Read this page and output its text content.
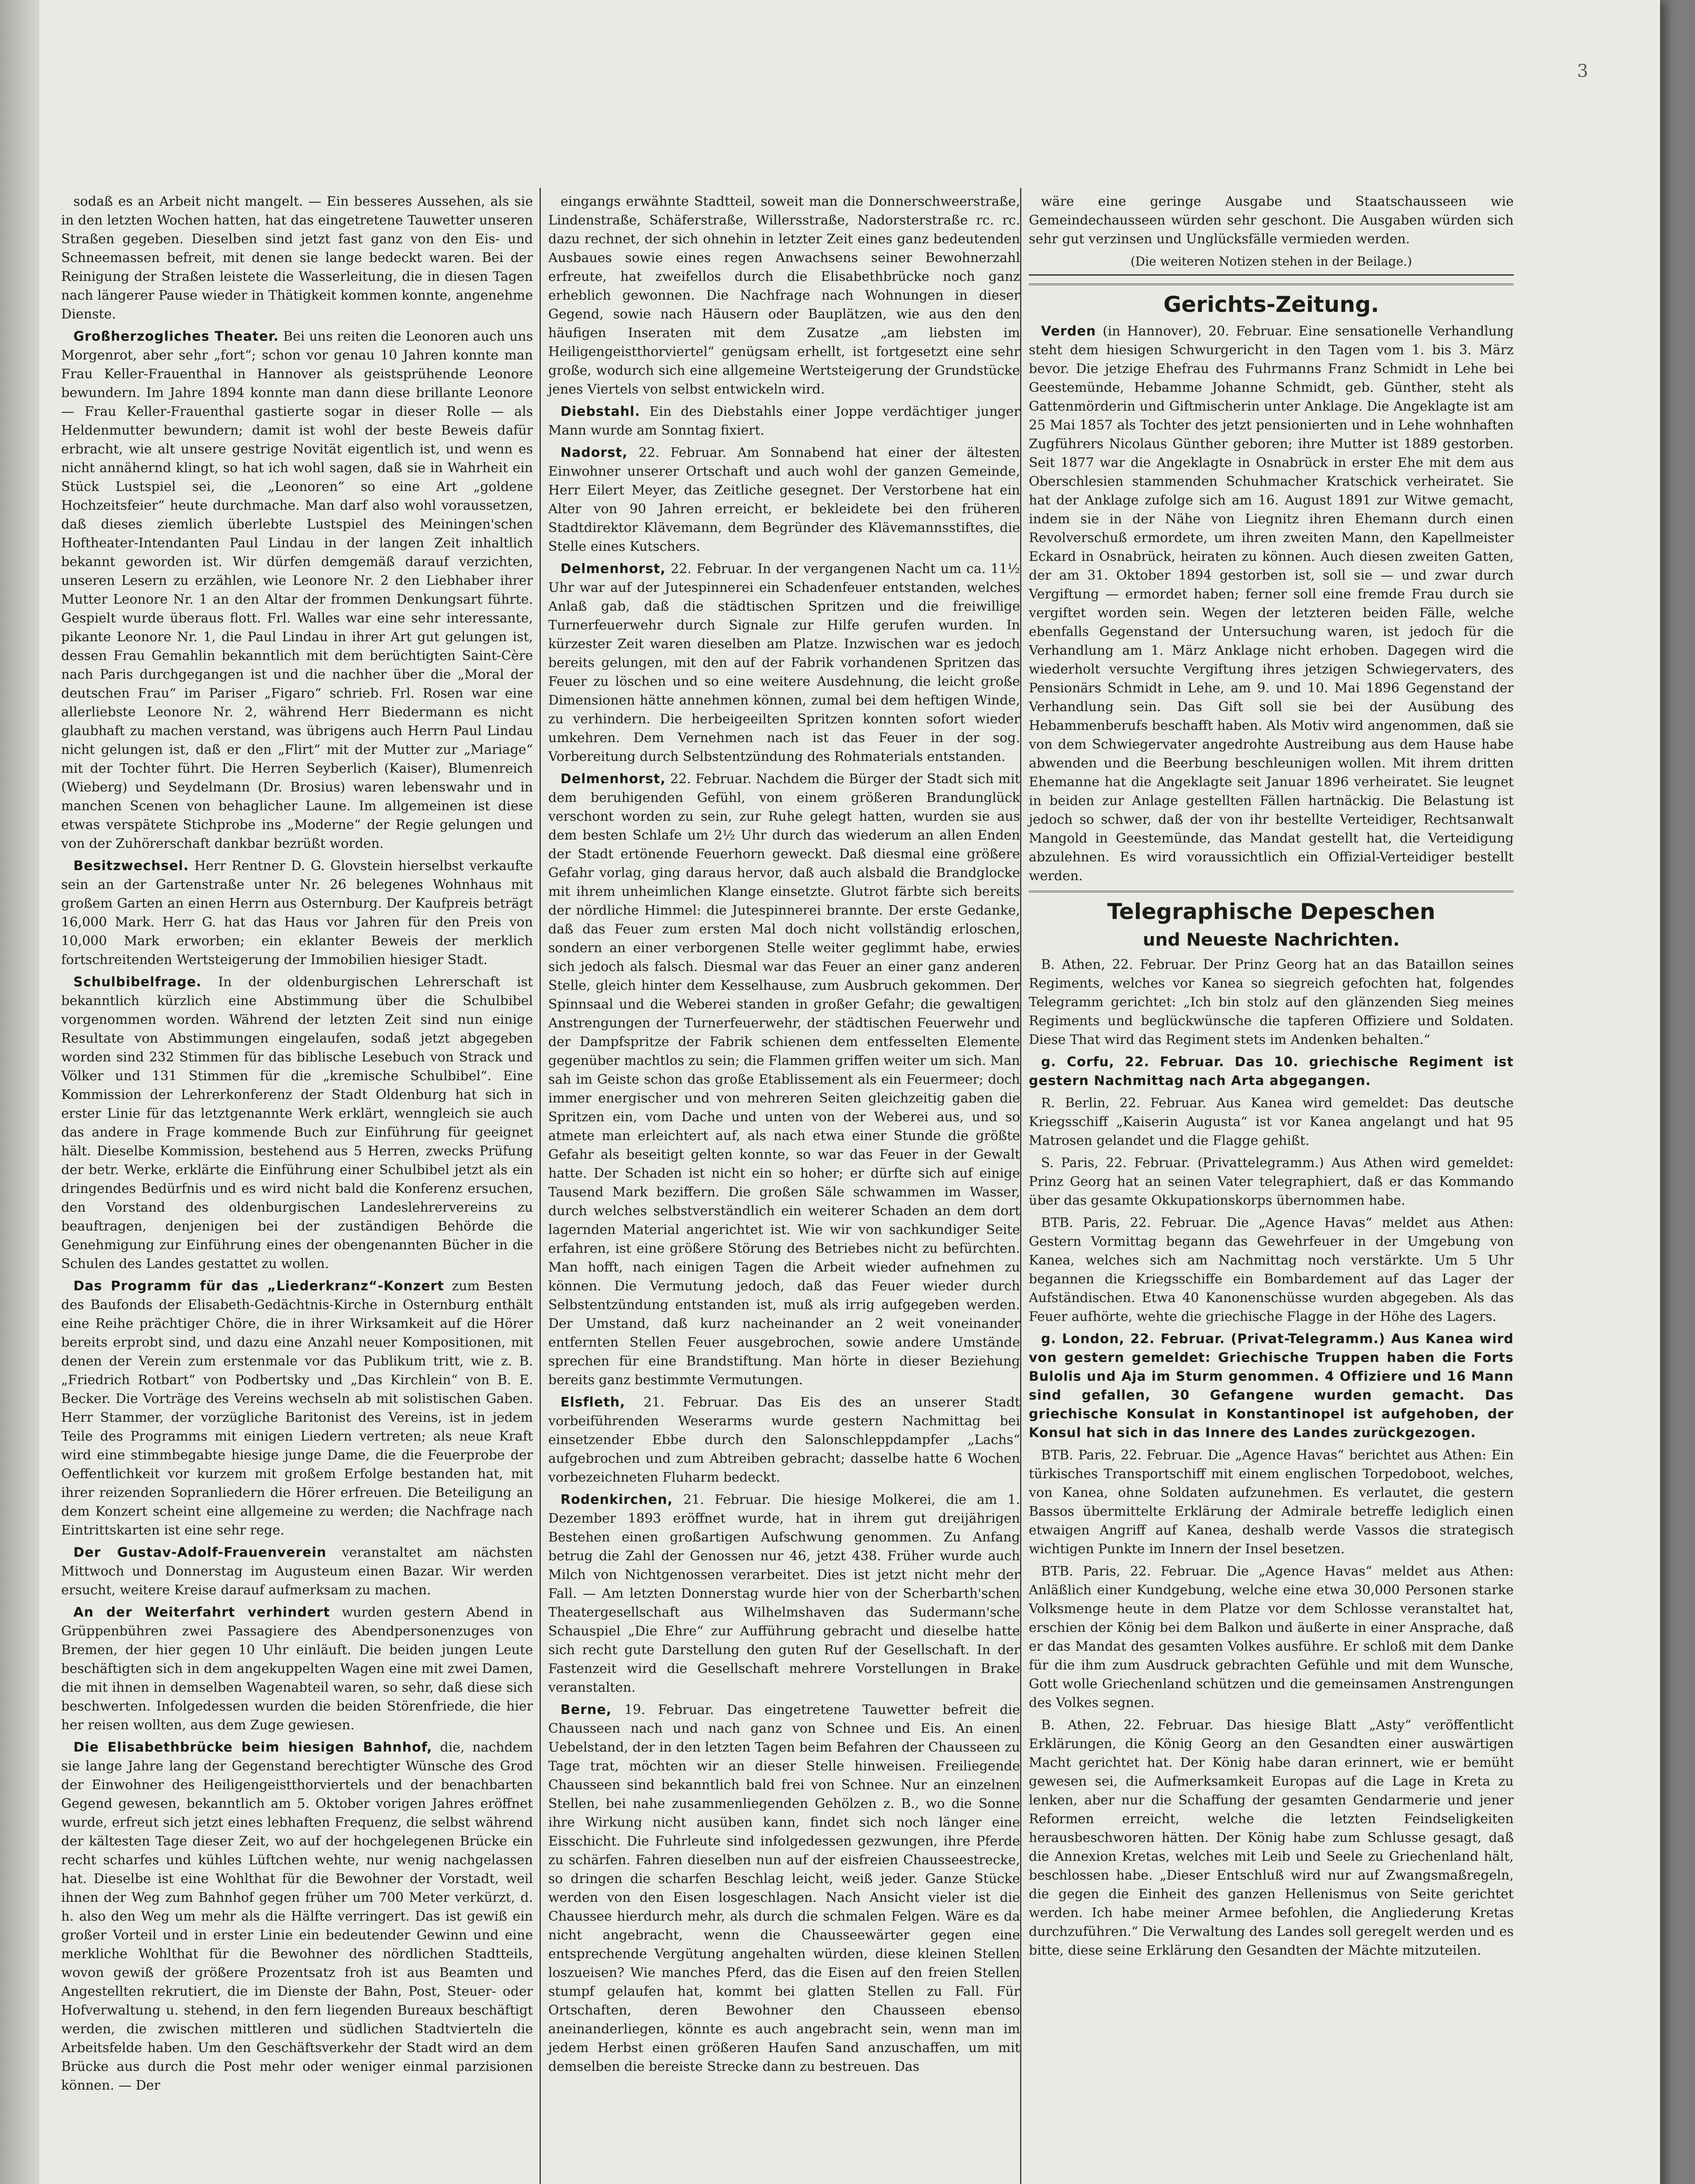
3

sodaß es an Arbeit nicht mangelt. — Ein besseres Aussehen, als sie in den letzten Wochen hatten, hat das eingetretene Tauwetter unseren Straßen gegeben. Dieselben sind jetzt fast ganz von den Eis- und Schneemassen befreit, mit denen sie lange bedeckt waren. Bei der Reinigung der Straßen leistete die Wasserleitung, die in diesen Tagen nach längerer Pause wieder in Thätigkeit kommen konnte, angenehme Dienste.

Großherzogliches Theater. Bei uns reiten die Leonoren auch uns Morgenrot, aber sehr „fort“; schon vor genau 10 Jahren konnte man Frau Keller-Frauenthal in Hannover als geistsprühende Leonore bewundern. Im Jahre 1894 konnte man dann diese brillante Leonore — Frau Keller-Frauenthal gastierte sogar in dieser Rolle — als Heldenmutter bewundern; damit ist wohl der beste Beweis dafür erbracht, wie alt unsere gestrige Novität eigentlich ist, und wenn es nicht annähernd klingt, so hat ich wohl sagen, daß sie in Wahrheit ein Stück Lustspiel sei, die „Leonoren“ so eine Art „goldene Hochzeitsfeier“ heute durchmache. Man darf also wohl voraussetzen, daß dieses ziemlich überlebte Lustspiel des Meiningen'schen Hoftheater-Intendanten Paul Lindau in der langen Zeit inhaltlich bekannt geworden ist. Wir dürfen demgemäß darauf verzichten, unseren Lesern zu erzählen, wie Leonore Nr. 2 den Liebhaber ihrer Mutter Leonore Nr. 1 an den Altar der frommen Denkungsart führte. Gespielt wurde überaus flott. Frl. Walles war eine sehr interessante, pikante Leonore Nr. 1, die Paul Lindau in ihrer Art gut gelungen ist, dessen Frau Gemahlin bekanntlich mit dem berüchtigten Saint-Cère nach Paris durchgegangen ist und die nachher über die „Moral der deutschen Frau“ im Pariser „Figaro“ schrieb. Frl. Rosen war eine allerliebste Leonore Nr. 2, während Herr Biedermann es nicht glaubhaft zu machen verstand, was übrigens auch Herrn Paul Lindau nicht gelungen ist, daß er den „Flirt“ mit der Mutter zur „Mariage“ mit der Tochter führt. Die Herren Seyberlich (Kaiser), Blumenreich (Wieberg) und Seydelmann (Dr. Brosius) waren lebenswahr und in manchen Scenen von behaglicher Laune. Im allgemeinen ist diese etwas verspätete Stichprobe ins „Moderne“ der Regie gelungen und von der Zuhörerschaft dankbar bezrüßt worden.

Besitzwechsel. Herr Rentner D. G. Glovstein hierselbst verkaufte sein an der Gartenstraße unter Nr. 26 belegenes Wohnhaus mit großem Garten an einen Herrn aus Osternburg. Der Kaufpreis beträgt 16,000 Mark. Herr G. hat das Haus vor Jahren für den Preis von 10,000 Mark erworben; ein eklanter Beweis der merklich fortschreitenden Wertsteigerung der Immobilien hiesiger Stadt.

Schulbibelfrage. In der oldenburgischen Lehrerschaft ist bekanntlich kürzlich eine Abstimmung über die Schulbibel vorgenommen worden. Während der letzten Zeit sind nun einige Resultate von Abstimmungen eingelaufen, sodaß jetzt abgegeben worden sind 232 Stimmen für das biblische Lesebuch von Strack und Völker und 131 Stimmen für die „kremische Schulbibel“. Eine Kommission der Lehrerkonferenz der Stadt Oldenburg hat sich in erster Linie für das letztgenannte Werk erklärt, wenngleich sie auch das andere in Frage kommende Buch zur Einführung für geeignet hält. Dieselbe Kommission, bestehend aus 5 Herren, zwecks Prüfung der betr. Werke, erklärte die Einführung einer Schulbibel jetzt als ein dringendes Bedürfnis und es wird nicht bald die Konferenz ersuchen, den Vorstand des oldenburgischen Landeslehrervereins zu beauftragen, denjenigen bei der zuständigen Behörde die Genehmigung zur Einführung eines der obengenannten Bücher in die Schulen des Landes gestattet zu wollen.

Das Programm für das „Liederkranz“-Konzert zum Besten des Baufonds der Elisabeth-Gedächtnis-Kirche in Osternburg enthält eine Reihe prächtiger Chöre, die in ihrer Wirksamkeit auf die Hörer bereits erprobt sind, und dazu eine Anzahl neuer Kompositionen, mit denen der Verein zum erstenmale vor das Publikum tritt, wie z. B. „Friedrich Rotbart“ von Podbertsky und „Das Kirchlein“ von B. E. Becker. Die Vorträge des Vereins wechseln ab mit solistischen Gaben. Herr Stammer, der vorzügliche Baritonist des Vereins, ist in jedem Teile des Programms mit einigen Liedern vertreten; als neue Kraft wird eine stimmbegabte hiesige junge Dame, die die Feuerprobe der Oeffentlichkeit vor kurzem mit großem Erfolge bestanden hat, mit ihrer reizenden Sopranliedern die Hörer erfreuen. Die Beteiligung an dem Konzert scheint eine allgemeine zu werden; die Nachfrage nach Eintrittskarten ist eine sehr rege.

Der Gustav-Adolf-Frauenverein veranstaltet am nächsten Mittwoch und Donnerstag im Augusteum einen Bazar. Wir werden ersucht, weitere Kreise darauf aufmerksam zu machen.

An der Weiterfahrt verhindert wurden gestern Abend in Grüppenbühren zwei Passagiere des Abendpersonenzuges von Bremen, der hier gegen 10 Uhr einläuft. Die beiden jungen Leute beschäftigten sich in dem angekuppelten Wagen eine mit zwei Damen, die mit ihnen in demselben Wagenabteil waren, so sehr, daß diese sich beschwerten. Infolgedessen wurden die beiden Störenfriede, die hier her reisen wollten, aus dem Zuge gewiesen.

Die Elisabethbrücke beim hiesigen Bahnhof, die, nachdem sie lange Jahre lang der Gegenstand berechtigter Wünsche des Grod der Einwohner des Heiligengeistthorviertels und der benachbarten Gegend gewesen, bekanntlich am 5. Oktober vorigen Jahres eröffnet wurde, erfreut sich jetzt eines lebhaften Frequenz, die selbst während der kältesten Tage dieser Zeit, wo auf der hochgelegenen Brücke ein recht scharfes und kühles Lüftchen wehte, nur wenig nachgelassen hat. Dieselbe ist eine Wohlthat für die Bewohner der Vorstadt, weil ihnen der Weg zum Bahnhof gegen früher um 700 Meter verkürzt, d. h. also den Weg um mehr als die Hälfte verringert. Das ist gewiß ein großer Vorteil und in erster Linie ein bedeutender Gewinn und eine merkliche Wohlthat für die Bewohner des nördlichen Stadtteils, wovon gewiß der größere Prozentsatz froh ist aus Beamten und Angestellten rekrutiert, die im Dienste der Bahn, Post, Steuer- oder Hofverwaltung u. stehend, in den fern liegenden Bureaux beschäftigt werden, die zwischen mittleren und südlichen Stadtvierteln die Arbeitsfelde haben. Um den Geschäftsverkehr der Stadt wird an dem Brücke aus durch die Post mehr oder weniger einmal parzisionen können. — Der

eingangs erwähnte Stadtteil, soweit man die Donnerschweerstraße, Lindenstraße, Schäferstraße, Willersstraße, Nadorsterstraße rc. rc. dazu rechnet, der sich ohnehin in letzter Zeit eines ganz bedeutenden Ausbaues sowie eines regen Anwachsens seiner Bewohnerzahl erfreute, hat zweifellos durch die Elisabethbrücke noch ganz erheblich gewonnen. Die Nachfrage nach Wohnungen in dieser Gegend, sowie nach Häusern oder Bauplätzen, wie aus den den häufigen Inseraten mit dem Zusatze „am liebsten im Heiligengeistthorviertel“ genügsam erhellt, ist fortgesetzt eine sehr große, wodurch sich eine allgemeine Wertsteigerung der Grundstücke jenes Viertels von selbst entwickeln wird.

Diebstahl. Ein des Diebstahls einer Joppe verdächtiger junger Mann wurde am Sonntag fixiert.

Nadorst, 22. Februar. Am Sonnabend hat einer der ältesten Einwohner unserer Ortschaft und auch wohl der ganzen Gemeinde, Herr Eilert Meyer, das Zeitliche gesegnet. Der Verstorbene hat ein Alter von 90 Jahren erreicht, er bekleidete bei den früheren Stadtdirektor Klävemann, dem Begründer des Klävemannsstiftes, die Stelle eines Kutschers.

Delmenhorst, 22. Februar. In der vergangenen Nacht um ca. 11½ Uhr war auf der Jutespinnerei ein Schadenfeuer entstanden, welches Anlaß gab, daß die städtischen Spritzen und die freiwillige Turnerfeuerwehr durch Signale zur Hilfe gerufen wurden. In kürzester Zeit waren dieselben am Platze. Inzwischen war es jedoch bereits gelungen, mit den auf der Fabrik vorhandenen Spritzen das Feuer zu löschen und so eine weitere Ausdehnung, die leicht große Dimensionen hätte annehmen können, zumal bei dem heftigen Winde, zu verhindern. Die herbeigeeilten Spritzen konnten sofort wieder umkehren. Dem Vernehmen nach ist das Feuer in der sog. Vorbereitung durch Selbstentzündung des Rohmaterials entstanden.

Delmenhorst, 22. Februar. Nachdem die Bürger der Stadt sich mit dem beruhigenden Gefühl, von einem größeren Brandunglück verschont worden zu sein, zur Ruhe gelegt hatten, wurden sie aus dem besten Schlafe um 2½ Uhr durch das wiederum an allen Enden der Stadt ertönende Feuerhorn geweckt. Daß diesmal eine größere Gefahr vorlag, ging daraus hervor, daß auch alsbald die Brandglocke mit ihrem unheimlichen Klange einsetzte. Glutrot färbte sich bereits der nördliche Himmel: die Jutespinnerei brannte. Der erste Gedanke, daß das Feuer zum ersten Mal doch nicht vollständig erloschen, sondern an einer verborgenen Stelle weiter geglimmt habe, erwies sich jedoch als falsch. Diesmal war das Feuer an einer ganz anderen Stelle, gleich hinter dem Kesselhause, zum Ausbruch gekommen. Der Spinnsaal und die Weberei standen in großer Gefahr; die gewaltigen Anstrengungen der Turnerfeuerwehr, der städtischen Feuerwehr und der Dampfspritze der Fabrik schienen dem entfesselten Elemente gegenüber machtlos zu sein; die Flammen griffen weiter um sich. Man sah im Geiste schon das große Etablissement als ein Feuermeer; doch immer energischer und von mehreren Seiten gleichzeitig gaben die Spritzen ein, vom Dache und unten von der Weberei aus, und so atmete man erleichtert auf, als nach etwa einer Stunde die größte Gefahr als beseitigt gelten konnte, so war das Feuer in der Gewalt hatte. Der Schaden ist nicht ein so hoher; er dürfte sich auf einige Tausend Mark beziffern. Die großen Säle schwammen im Wasser, durch welches selbstverständlich ein weiterer Schaden an dem dort lagernden Material angerichtet ist. Wie wir von sachkundiger Seite erfahren, ist eine größere Störung des Betriebes nicht zu befürchten. Man hofft, nach einigen Tagen die Arbeit wieder aufnehmen zu können. Die Vermutung jedoch, daß das Feuer wieder durch Selbstentzündung entstanden ist, muß als irrig aufgegeben werden. Der Umstand, daß kurz nacheinander an 2 weit voneinander entfernten Stellen Feuer ausgebrochen, sowie andere Umstände sprechen für eine Brandstiftung. Man hörte in dieser Beziehung bereits ganz bestimmte Vermutungen.

Elsfleth, 21. Februar. Das Eis des an unserer Stadt vorbeiführenden Weserarms wurde gestern Nachmittag bei einsetzender Ebbe durch den Salonschleppdampfer „Lachs“ aufgebrochen und zum Abtreiben gebracht; dasselbe hatte 6 Wochen vorbezeichneten Fluharm bedeckt.

Rodenkirchen, 21. Februar. Die hiesige Molkerei, die am 1. Dezember 1893 eröffnet wurde, hat in ihrem gut dreijährigen Bestehen einen großartigen Aufschwung genommen. Zu Anfang betrug die Zahl der Genossen nur 46, jetzt 438. Früher wurde auch Milch von Nichtgenossen verarbeitet. Dies ist jetzt nicht mehr der Fall. — Am letzten Donnerstag wurde hier von der Scherbarth'schen Theatergesellschaft aus Wilhelmshaven das Sudermann'sche Schauspiel „Die Ehre“ zur Aufführung gebracht und dieselbe hatte sich recht gute Darstellung den guten Ruf der Gesellschaft. In der Fastenzeit wird die Gesellschaft mehrere Vorstellungen in Brake veranstalten.

Berne, 19. Februar. Das eingetretene Tauwetter befreit die Chausseen nach und nach ganz von Schnee und Eis. An einen Uebelstand, der in den letzten Tagen beim Befahren der Chausseen zu Tage trat, möchten wir an dieser Stelle hinweisen. Freiliegende Chausseen sind bekanntlich bald frei von Schnee. Nur an einzelnen Stellen, bei nahe zusammenliegenden Gehölzen z. B., wo die Sonne ihre Wirkung nicht ausüben kann, findet sich noch länger eine Eisschicht. Die Fuhrleute sind infolgedessen gezwungen, ihre Pferde zu schärfen. Fahren dieselben nun auf der eisfreien Chausseestrecke, so dringen die scharfen Beschlag leicht, weiß jeder. Ganze Stücke werden von den Eisen losgeschlagen. Nach Ansicht vieler ist die Chaussee hierdurch mehr, als durch die schmalen Felgen. Wäre es da nicht angebracht, wenn die Chausseewärter gegen eine entsprechende Vergütung angehalten würden, diese kleinen Stellen loszueisen? Wie manches Pferd, das die Eisen auf den freien Stellen stumpf gelaufen hat, kommt bei glatten Stellen zu Fall. Für Ortschaften, deren Bewohner den Chausseen ebenso aneinanderliegen, könnte es auch angebracht sein, wenn man im jedem Herbst einen größeren Haufen Sand anzuschaffen, um mit demselben die bereiste Strecke dann zu bestreuen. Das

wäre eine geringe Ausgabe und Staatschausseen wie Gemeindechausseen würden sehr geschont. Die Ausgaben würden sich sehr gut verzinsen und Unglücksfälle vermieden werden.

(Die weiteren Notizen stehen in der Beilage.)
Gerichts-Zeitung.

Verden (in Hannover), 20. Februar. Eine sensationelle Verhandlung steht dem hiesigen Schwurgericht in den Tagen vom 1. bis 3. März bevor. Die jetzige Ehefrau des Fuhrmanns Franz Schmidt in Lehe bei Geestemünde, Hebamme Johanne Schmidt, geb. Günther, steht als Gattenmörderin und Giftmischerin unter Anklage. Die Angeklagte ist am 25 Mai 1857 als Tochter des jetzt pensionierten und in Lehe wohnhaften Zugführers Nicolaus Günther geboren; ihre Mutter ist 1889 gestorben. Seit 1877 war die Angeklagte in Osnabrück in erster Ehe mit dem aus Oberschlesien stammenden Schuhmacher Kratschick verheiratet. Sie hat der Anklage zufolge sich am 16. August 1891 zur Witwe gemacht, indem sie in der Nähe von Liegnitz ihren Ehemann durch einen Revolverschuß ermordete, um ihren zweiten Mann, den Kapellmeister Eckard in Osnabrück, heiraten zu können. Auch diesen zweiten Gatten, der am 31. Oktober 1894 gestorben ist, soll sie — und zwar durch Vergiftung — ermordet haben; ferner soll eine fremde Frau durch sie vergiftet worden sein. Wegen der letzteren beiden Fälle, welche ebenfalls Gegenstand der Untersuchung waren, ist jedoch für die Verhandlung am 1. März Anklage nicht erhoben. Dagegen wird die wiederholt versuchte Vergiftung ihres jetzigen Schwiegervaters, des Pensionärs Schmidt in Lehe, am 9. und 10. Mai 1896 Gegenstand der Verhandlung sein. Das Gift soll sie bei der Ausübung des Hebammenberufs beschafft haben. Als Motiv wird angenommen, daß sie von dem Schwiegervater angedrohte Austreibung aus dem Hause habe abwenden und die Beerbung beschleunigen wollen. Mit ihrem dritten Ehemanne hat die Angeklagte seit Januar 1896 verheiratet. Sie leugnet in beiden zur Anlage gestellten Fällen hartnäckig. Die Belastung ist jedoch so schwer, daß der von ihr bestellte Verteidiger, Rechtsanwalt Mangold in Geestemünde, das Mandat gestellt hat, die Verteidigung abzulehnen. Es wird voraussichtlich ein Offizial-Verteidiger bestellt werden.

Telegraphische Depeschen
und Neueste Nachrichten.

B. Athen, 22. Februar. Der Prinz Georg hat an das Bataillon seines Regiments, welches vor Kanea so siegreich gefochten hat, folgendes Telegramm gerichtet: „Ich bin stolz auf den glänzenden Sieg meines Regiments und beglückwünsche die tapferen Offiziere und Soldaten. Diese That wird das Regiment stets im Andenken behalten.“

g. Corfu, 22. Februar. Das 10. griechische Regiment ist gestern Nachmittag nach Arta abgegangen.

R. Berlin, 22. Februar. Aus Kanea wird gemeldet: Das deutsche Kriegsschiff „Kaiserin Augusta“ ist vor Kanea angelangt und hat 95 Matrosen gelandet und die Flagge gehißt.

S. Paris, 22. Februar. (Privattelegramm.) Aus Athen wird gemeldet: Prinz Georg hat an seinen Vater telegraphiert, daß er das Kommando über das gesamte Okkupationskorps übernommen habe.

BTB. Paris, 22. Februar. Die „Agence Havas“ meldet aus Athen: Gestern Vormittag begann das Gewehrfeuer in der Umgebung von Kanea, welches sich am Nachmittag noch verstärkte. Um 5 Uhr begannen die Kriegsschiffe ein Bombardement auf das Lager der Aufständischen. Etwa 40 Kanonenschüsse wurden abgegeben. Als das Feuer aufhörte, wehte die griechische Flagge in der Höhe des Lagers.

g. London, 22. Februar. (Privat-Telegramm.) Aus Kanea wird von gestern gemeldet: Griechische Truppen haben die Forts Bulolis und Aja im Sturm genommen. 4 Offiziere und 16 Mann sind gefallen, 30 Gefangene wurden gemacht. Das griechische Konsulat in Konstantinopel ist aufgehoben, der Konsul hat sich in das Innere des Landes zurückgezogen.

BTB. Paris, 22. Februar. Die „Agence Havas“ berichtet aus Athen: Ein türkisches Transportschiff mit einem englischen Torpedoboot, welches, von Kanea, ohne Soldaten aufzunehmen. Es verlautet, die gestern Bassos übermittelte Erklärung der Admirale betreffe lediglich einen etwaigen Angriff auf Kanea, deshalb werde Vassos die strategisch wichtigen Punkte im Innern der Insel besetzen.

BTB. Paris, 22. Februar. Die „Agence Havas“ meldet aus Athen: Anläßlich einer Kundgebung, welche eine etwa 30,000 Personen starke Volksmenge heute in dem Platze vor dem Schlosse veranstaltet hat, erschien der König bei dem Balkon und äußerte in einer Ansprache, daß er das Mandat des gesamten Volkes ausführe. Er schloß mit dem Danke für die ihm zum Ausdruck gebrachten Gefühle und mit dem Wunsche, Gott wolle Griechenland schützen und die gemeinsamen Anstrengungen des Volkes segnen.

B. Athen, 22. Februar. Das hiesige Blatt „Asty“ veröffentlicht Erklärungen, die König Georg an den Gesandten einer auswärtigen Macht gerichtet hat. Der König habe daran erinnert, wie er bemüht gewesen sei, die Aufmerksamkeit Europas auf die Lage in Kreta zu lenken, aber nur die Schaffung der gesamten Gendarmerie und jener Reformen erreicht, welche die letzten Feindseligkeiten herausbeschworen hätten. Der König habe zum Schlusse gesagt, daß die Annexion Kretas, welches mit Leib und Seele zu Griechenland hält, beschlossen habe. „Dieser Entschluß wird nur auf Zwangsmaßregeln, die gegen die Einheit des ganzen Hellenismus von Seite gerichtet werden. Ich habe meiner Armee befohlen, die Angliederung Kretas durchzuführen.“ Die Verwaltung des Landes soll geregelt werden und es bitte, diese seine Erklärung den Gesandten der Mächte mitzuteilen.
